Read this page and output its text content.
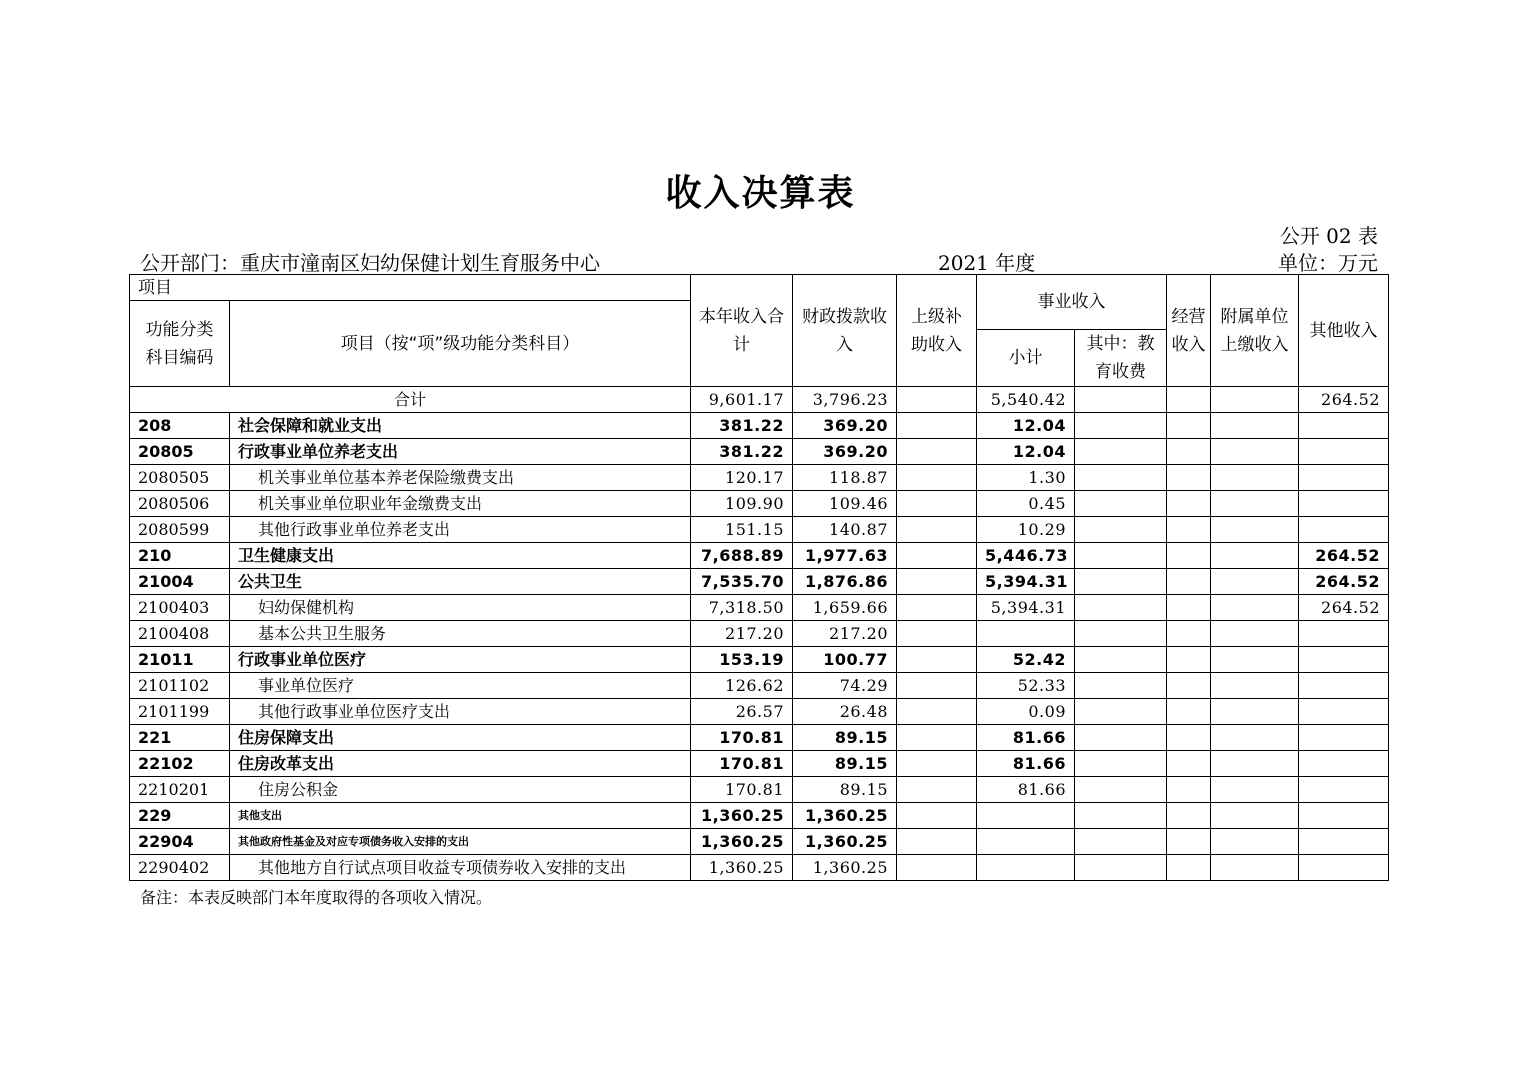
收入决算表
公开 02 表
公开部门：重庆市潼南区妇幼保健计划生育服务中心	2021 年度	单位：万元
项目		本年收入合计	财政拨款收入	上级补助收入	事业收入		经营收入	附属单位上缴收入	其他收入
功能分类科目编码	项目（按“项”级功能分类科目）								
					小计	其中：教育收费			
合计		9,601.17	3,796.23		5,540.42				264.52
208	社会保障和就业支出	381.22	369.20		12.04				
20805	行政事业单位养老支出	381.22	369.20		12.04				
2080505	机关事业单位基本养老保险缴费支出	120.17	118.87		1.30				
2080506	机关事业单位职业年金缴费支出	109.90	109.46		0.45				
2080599	其他行政事业单位养老支出	151.15	140.87		10.29				
210	卫生健康支出	7,688.89	1,977.63		5,446.73				264.52
21004	公共卫生	7,535.70	1,876.86		5,394.31				264.52
2100403	妇幼保健机构	7,318.50	1,659.66		5,394.31				264.52
2100408	基本公共卫生服务	217.20	217.20						
21011	行政事业单位医疗	153.19	100.77		52.42				
2101102	事业单位医疗	126.62	74.29		52.33				
2101199	其他行政事业单位医疗支出	26.57	26.48		0.09				
221	住房保障支出	170.81	89.15		81.66				
22102	住房改革支出	170.81	89.15		81.66				
2210201	住房公积金	170.81	89.15		81.66				
229	其他支出	1,360.25	1,360.25						
22904	其他政府性基金及对应专项债务收入安排的支出	1,360.25	1,360.25						
2290402	其他地方自行试点项目收益专项债券收入安排的支出	1,360.25	1,360.25						
备注：本表反映部门本年度取得的各项收入情况。
